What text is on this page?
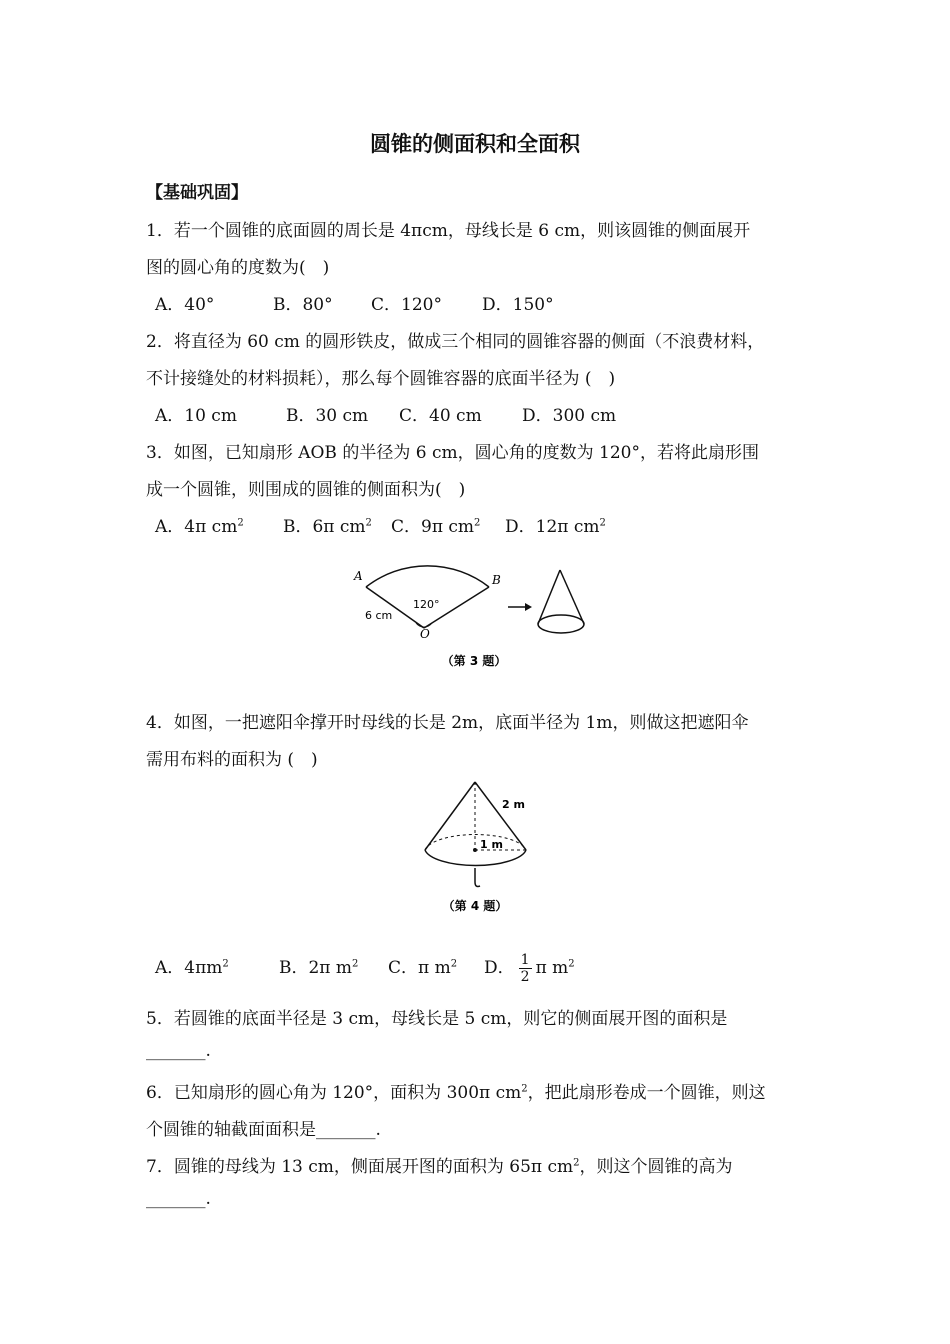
圆锥的侧面积和全面积
【基础巩固】
1．若一个圆锥的底面圆的周长是 4πcm，母线长是 6 cm，则该圆锥的侧面展开
图的圆心角的度数为(　)
A．40°	B．80° C．120° D．150°
2．将直径为 60 cm 的圆形铁皮，做成三个相同的圆锥容器的侧面（不浪费材料，
不计接缝处的材料损耗），那么每个圆锥容器的底面半径为 (　)
A．10 cm	B．30 cm C．40 cm D．300 cm
3．如图，已知扇形 AOB 的半径为 6 cm，圆心角的度数为 120°，若将此扇形围
成一个圆锥，则围成的圆锥的侧面积为(　)
A．4π $cm^2$ B．6π $cm^2$ C．9π $cm^2$ D．12π $cm^2$
A	B
O
120°
6 cm
（第 3 题）
4．如图，一把遮阳伞撑开时母线的长是 2m，底面半径为 1m，则做这把遮阳伞
需用布料的面积为 (　)
2 m
1 m
（第 4 题）
A．$4\pi m^2$	B．2π $m^2$ C．π $m^2$ D． $\frac{1}{2}$ π $m^2$
5．若圆锥的底面半径是 3 cm，母线长是 5 cm，则它的侧面展开图的面积是
_______.
6．已知扇形的圆心角为 120°，面积为 300π $cm^2$，把此扇形卷成一个圆锥，则这
个圆锥的轴截面面积是_______.
7．圆锥的母线为 13 cm，侧面展开图的面积为 65π $cm^2$，则这个圆锥的高为
_______.
